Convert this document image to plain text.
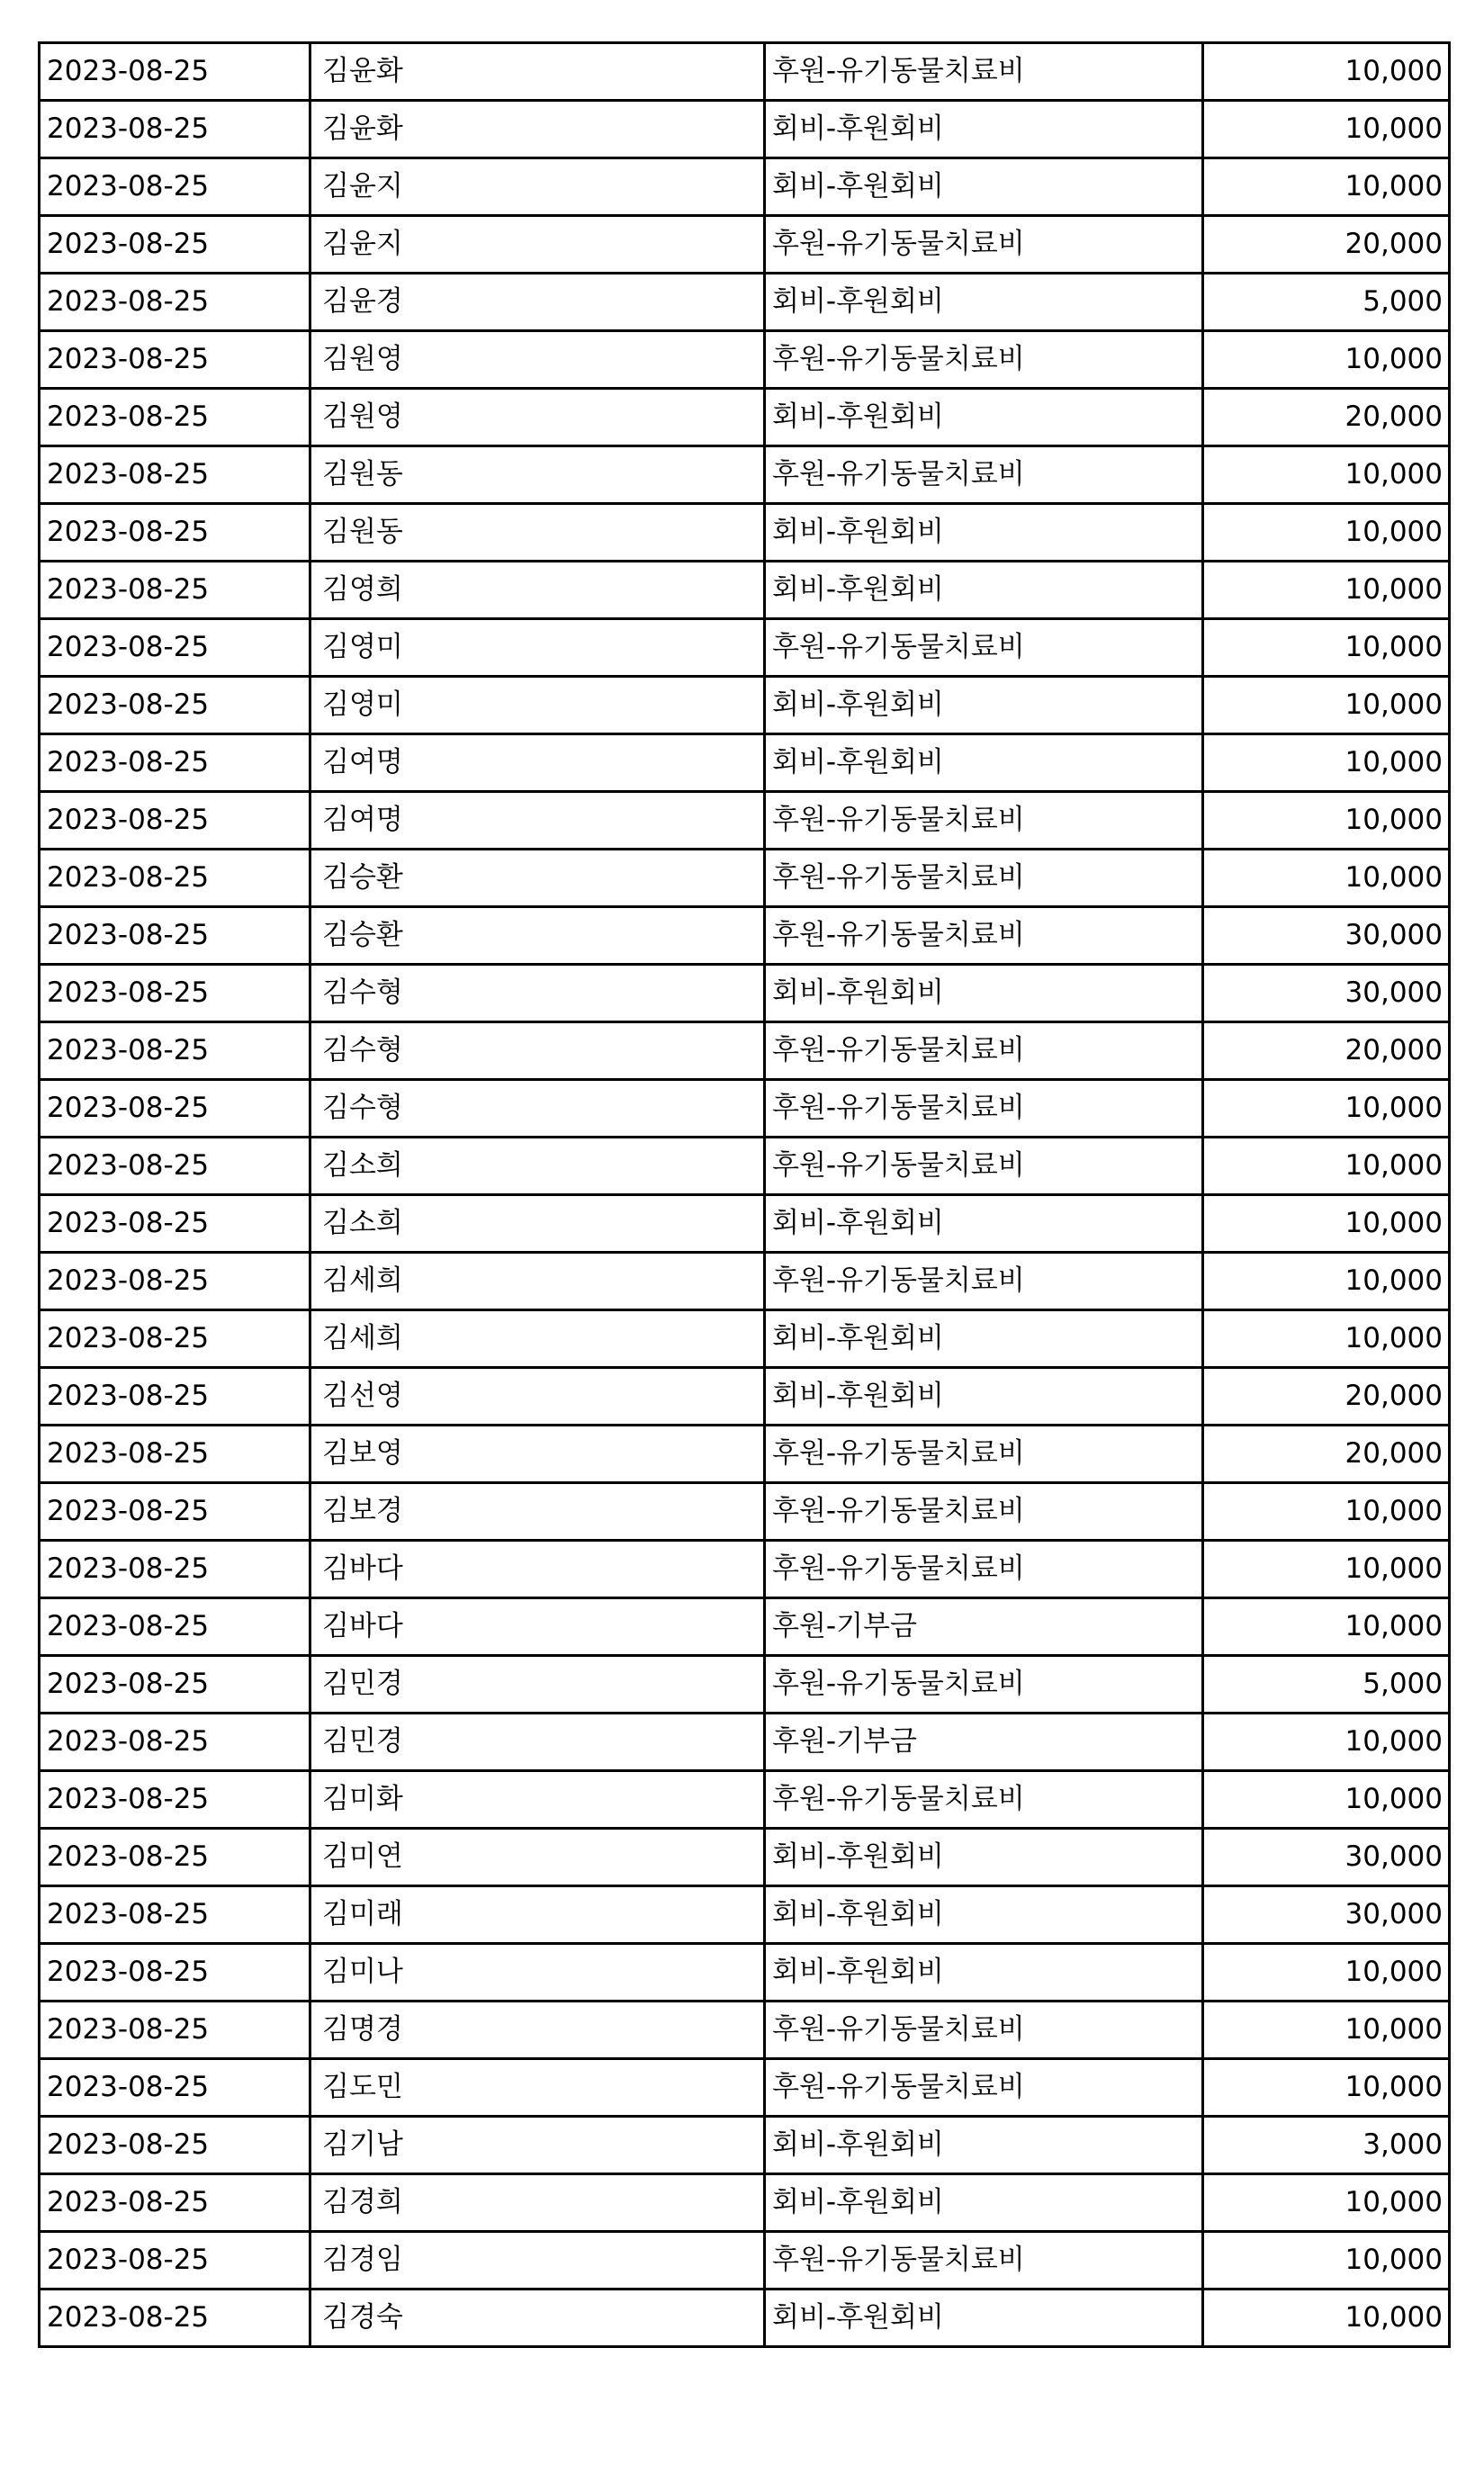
2023-08-25	김윤화	후원-유기동물치료비	10,000
2023-08-25	김윤화	회비-후원회비	10,000
2023-08-25	김윤지	회비-후원회비	10,000
2023-08-25	김윤지	후원-유기동물치료비	20,000
2023-08-25	김윤경	회비-후원회비	5,000
2023-08-25	김원영	후원-유기동물치료비	10,000
2023-08-25	김원영	회비-후원회비	20,000
2023-08-25	김원동	후원-유기동물치료비	10,000
2023-08-25	김원동	회비-후원회비	10,000
2023-08-25	김영희	회비-후원회비	10,000
2023-08-25	김영미	후원-유기동물치료비	10,000
2023-08-25	김영미	회비-후원회비	10,000
2023-08-25	김여명	회비-후원회비	10,000
2023-08-25	김여명	후원-유기동물치료비	10,000
2023-08-25	김승환	후원-유기동물치료비	10,000
2023-08-25	김승환	후원-유기동물치료비	30,000
2023-08-25	김수형	회비-후원회비	30,000
2023-08-25	김수형	후원-유기동물치료비	20,000
2023-08-25	김수형	후원-유기동물치료비	10,000
2023-08-25	김소희	후원-유기동물치료비	10,000
2023-08-25	김소희	회비-후원회비	10,000
2023-08-25	김세희	후원-유기동물치료비	10,000
2023-08-25	김세희	회비-후원회비	10,000
2023-08-25	김선영	회비-후원회비	20,000
2023-08-25	김보영	후원-유기동물치료비	20,000
2023-08-25	김보경	후원-유기동물치료비	10,000
2023-08-25	김바다	후원-유기동물치료비	10,000
2023-08-25	김바다	후원-기부금	10,000
2023-08-25	김민경	후원-유기동물치료비	5,000
2023-08-25	김민경	후원-기부금	10,000
2023-08-25	김미화	후원-유기동물치료비	10,000
2023-08-25	김미연	회비-후원회비	30,000
2023-08-25	김미래	회비-후원회비	30,000
2023-08-25	김미나	회비-후원회비	10,000
2023-08-25	김명경	후원-유기동물치료비	10,000
2023-08-25	김도민	후원-유기동물치료비	10,000
2023-08-25	김기남	회비-후원회비	3,000
2023-08-25	김경희	회비-후원회비	10,000
2023-08-25	김경임	후원-유기동물치료비	10,000
2023-08-25	김경숙	회비-후원회비	10,000
